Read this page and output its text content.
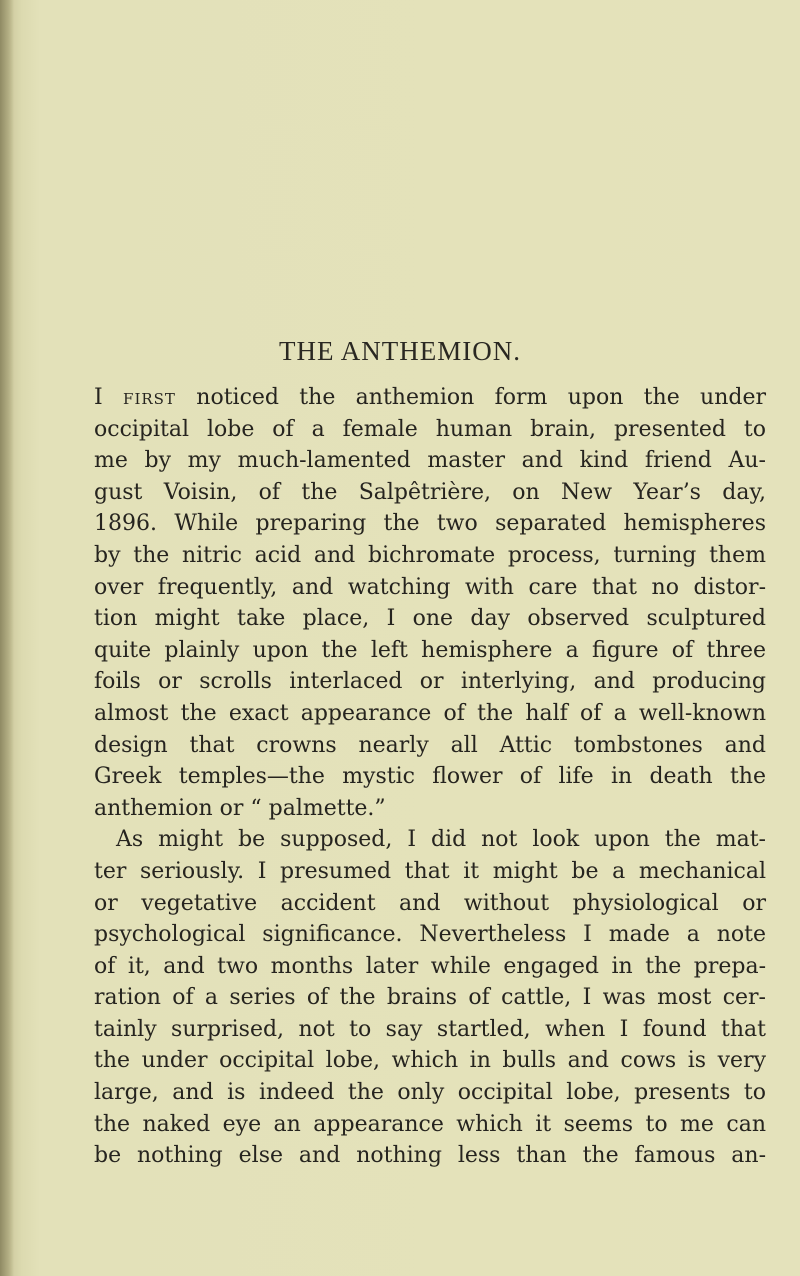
THE ANTHEMION.

I first noticed the anthemion form upon the under
occipital lobe of a female human brain, presented to
me by my much-lamented master and kind friend Au-
gust Voisin, of the Salpêtrière, on New Year’s day,
1896. While preparing the two separated hemispheres
by the nitric acid and bichromate process, turning them
over frequently, and watching with care that no distor-
tion might take place, I one day observed sculptured
quite plainly upon the left hemisphere a figure of three
foils or scrolls interlaced or interlying, and producing
almost the exact appearance of the half of a well-known
design that crowns nearly all Attic tombstones and
Greek temples—the mystic flower of life in death the
anthemion or “ palmette.”

As might be supposed, I did not look upon the mat-
ter seriously. I presumed that it might be a mechanical
or vegetative accident and without physiological or
psychological significance. Nevertheless I made a note
of it, and two months later while engaged in the prepa-
ration of a series of the brains of cattle, I was most cer-
tainly surprised, not to say startled, when I found that
the under occipital lobe, which in bulls and cows is very
large, and is indeed the only occipital lobe, presents to
the naked eye an appearance which it seems to me can
be nothing else and nothing less than the famous an-
